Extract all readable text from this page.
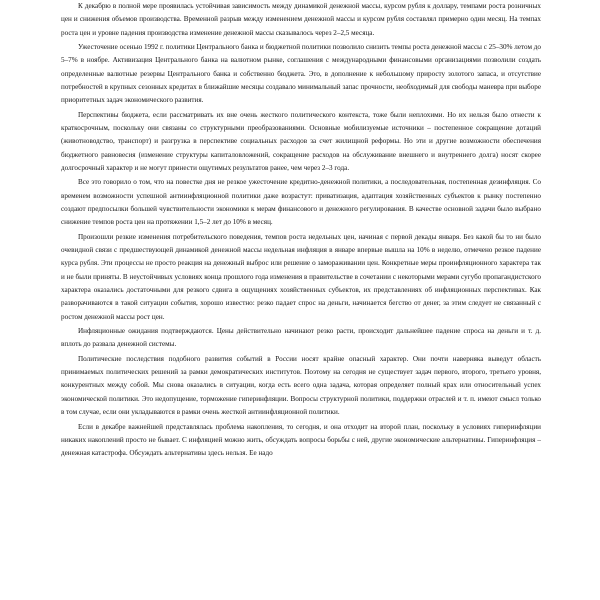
К декабрю в полной мере проявилась устойчивая зависимость между динамикой денежной массы, курсом рубля к доллару, темпами роста розничных цен и снижения объемов производства. Временной разрыв между изменением денежной массы и курсом рубля составлял примерно один месяц. На темпах роста цен и уровне падения производства изменение денежной массы сказывалось через 2–2,5 месяца.

Ужесточение осенью 1992 г. политики Центрального банка и бюджетной политики позволило снизить темпы роста денежной массы с 25–30% летом до 5–7% в ноябре. Активизация Центрального банка на валютном рынке, соглашения с международными финансовыми организациями позволили создать определенные валютные резервы Центрального банка и собственно бюджета. Это, в дополнение к небольшому приросту золотого запаса, и отсутствие потребностей в крупных сезонных кредитах в ближайшие месяцы создавало минимальный запас прочности, необходимый для свободы маневра при выборе приоритетных задач экономического развития.

Перспективы бюджета, если рассматривать их вне очень жесткого политического контекста, тоже были неплохими. Но их нельзя было отнести к краткосрочным, поскольку они связаны со структурными преобразованиями. Основные мобилизуемые источники – постепенное сокращение дотаций (животноводство, транспорт) и разгрузка в перспективе социальных расходов за счет жилищной реформы. Но эти и другие возможности обеспечения бюджетного равновесия (изменение структуры капиталовложений, сокращение расходов на обслуживание внешнего и внутреннего долга) носят скорее долгосрочный характер и не могут принести ощутимых результатов ранее, чем через 2–3 года.

Все это говорило о том, что на повестке дня не резкое ужесточение кредитно-денежной политики, а последовательная, постепенная дезинфляция. Со временем возможности успешной антиинфляционной политики даже возрастут: приватизация, адаптация хозяйственных субъектов к рынку постепенно создают предпосылки большей чувствительности экономики к мерам финансового и денежного регулирования. В качестве основной задачи было выбрано снижение темпов роста цен на протяжении 1,5–2 лет до 10% в месяц.

Произошли резкие изменения потребительского поведения, темпов роста недельных цен, начиная с первой декады января. Без какой бы то ни было очевидной связи с предшествующей динамикой денежной массы недельная инфляция в январе впервые вышла на 10% в неделю, отмечено резкое падение курса рубля. Эти процессы не просто реакция на денежный выброс или решение о замораживании цен. Конкретные меры проинфляционного характера так и не были приняты. В неустойчивых условиях конца прошлого года изменения в правительстве в сочетании с некоторыми мерами сугубо пропагандистского характера оказались достаточными для резкого сдвига в ощущениях хозяйственных субъектов, их представлениях об инфляционных перспективах. Как разворачиваются в такой ситуации события, хорошо известно: резко падает спрос на деньги, начинается бегство от денег, за этим следует не связанный с ростом денежной массы рост цен.

Инфляционные ожидания подтверждаются. Цены действительно начинают резко расти, происходит дальнейшее падение спроса на деньги и т. д. вплоть до развала денежной системы.

Политические последствия подобного развития событий в России носят крайне опасный характер. Они почти наверняка выведут область принимаемых политических решений за рамки демократических институтов. Поэтому на сегодня не существует задач первого, второго, третьего уровня, конкурентных между собой. Мы снова оказались в ситуации, когда есть всего одна задача, которая определяет полный крах или относительный успех экономической политики. Это недопущение, торможение гиперинфляции. Вопросы структурной политики, поддержки отраслей и т. п. имеют смысл только в том случае, если они укладываются в рамки очень жесткой антиинфляционной политики.

Если в декабре важнейшей представлялась проблема накопления, то сегодня, и она отходит на второй план, поскольку в условиях гиперинфляции никаких накоплений просто не бывает. С инфляцией можно жить, обсуждать вопросы борьбы с ней, другие экономические альтернативы. Гиперинфляция – денежная катастрофа. Обсуждать альтернативы здесь нельзя. Ее надо
